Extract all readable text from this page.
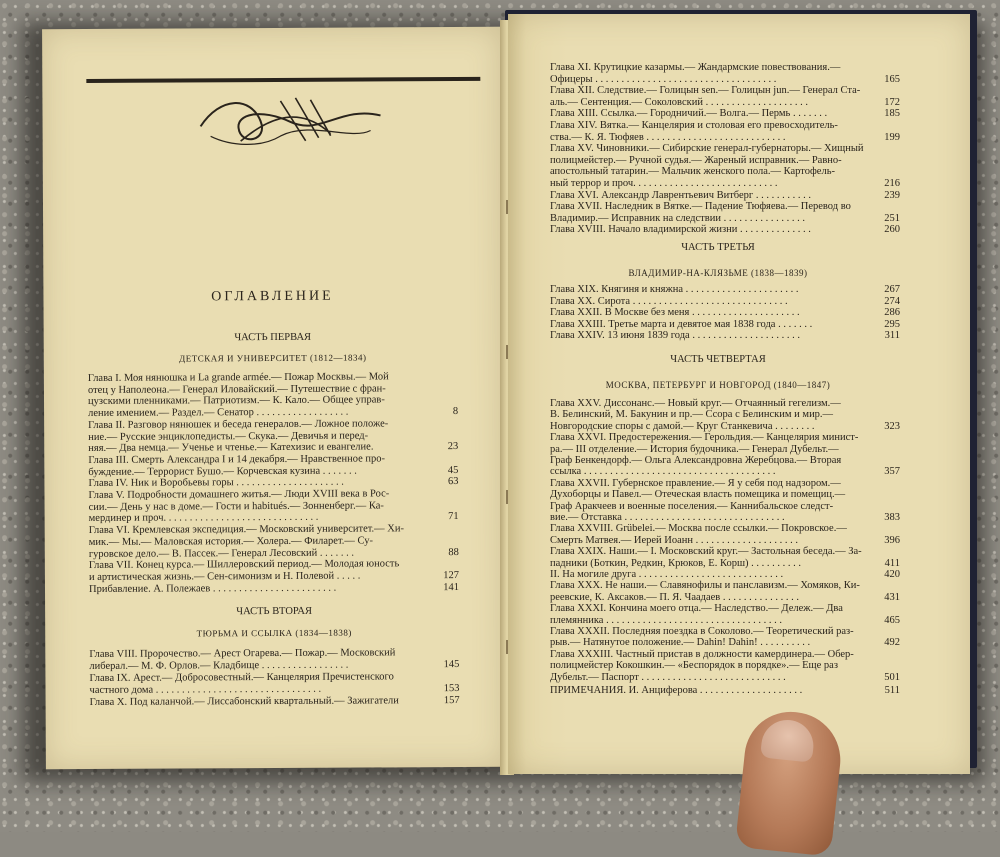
ОГЛАВЛЕНИЕ
ЧАСТЬ ПЕРВАЯ
ДЕТСКАЯ И УНИВЕРСИТЕТ (1812—1834)
Глава I. Моя нянюшка и La grande armée.— Пожар Москвы.— Мой
отец у Наполеона.— Генерал Иловайский.— Путешествие с фран-
цузскими пленниками.— Патриотизм.— К. Кало.— Общее управ-
ление имением.— Раздел.— Сенатор . . . . . . . . . . . . . . . . . .	8
Глава II. Разговор нянюшек и беседа генералов.— Ложное положе-
ние.— Русские энциклопедисты.— Скука.— Девичья и перед-
няя.— Два немца.— Ученье и чтенье.— Катехизис и евангелие.	23
Глава III. Смерть Александра I и 14 декабря.— Нравственное про-
буждение.— Террорист Бушо.— Корчевская кузина . . . . . . .	45
Глава IV. Ник и Воробьевы горы . . . . . . . . . . . . . . . . . . . . .	63
Глава V. Подробности домашнего житья.— Люди XVIII века в Рос-
сии.— День у нас в доме.— Гости и habitués.— Зонненберг.— Ка-
мердинер и проч. . . . . . . . . . . . . . . . . . . . . . . . . . . . . .	71
Глава VI. Кремлевская экспедиция.— Московский университет.— Хи-
мик.— Мы.— Маловская история.— Холера.— Филарет.— Су-
гуровское дело.— В. Пассек.— Генерал Лесовский . . . . . . .	88
Глава VII. Конец курса.— Шиллеровский период.— Молодая юность
и артистическая жизнь.— Сен-симонизм и Н. Полевой . . . . .	127
Прибавление. А. Полежаев . . . . . . . . . . . . . . . . . . . . . . . .	141
ЧАСТЬ ВТОРАЯ
ТЮРЬМА И ССЫЛКА (1834—1838)
Глава VIII. Пророчество.— Арест Огарева.— Пожар.— Московский
либерал.— М. Ф. Орлов.— Кладбище . . . . . . . . . . . . . . . . .	145
Глава IX. Арест.— Добросовестный.— Канцелярия Пречистенского
частного дома . . . . . . . . . . . . . . . . . . . . . . . . . . . . . . . .	153
Глава X. Под каланчой.— Лиссабонский квартальный.— Зажигатели	157
Глава XI. Крутицкие казармы.— Жандармские повествования.—
Офицеры . . . . . . . . . . . . . . . . . . . . . . . . . . . . . . . . . . .	165
Глава XII. Следствие.— Голицын sen.— Голицын jun.— Генерал Ста-
аль.— Сентенция.— Соколовский . . . . . . . . . . . . . . . . . . . .	172
Глава XIII. Ссылка.— Городничий.— Волга.— Пермь . . . . . . .	185
Глава XIV. Вятка.— Канцелярия и столовая его превосходитель-
ства.— К. Я. Тюфяев . . . . . . . . . . . . . . . . . . . . . . . . . . .	199
Глава XV. Чиновники.— Сибирские генерал-губернаторы.— Хищный
полицмейстер.— Ручной судья.— Жареный исправник.— Равно-
апостольный татарин.— Мальчик женского пола.— Картофель-
ный террор и проч. . . . . . . . . . . . . . . . . . . . . . . . . . . .	216
Глава XVI. Александр Лаврентьевич Витберг . . . . . . . . . . .	239
Глава XVII. Наследник в Вятке.— Падение Тюфяева.— Перевод во
Владимир.— Исправник на следствии . . . . . . . . . . . . . . . .	251
Глава XVIII. Начало владимирской жизни . . . . . . . . . . . . . .	260
ЧАСТЬ ТРЕТЬЯ
ВЛАДИМИР-НА-КЛЯЗЬМЕ (1838—1839)
Глава XIX. Княгиня и княжна . . . . . . . . . . . . . . . . . . . . . .	267
Глава XX. Сирота . . . . . . . . . . . . . . . . . . . . . . . . . . . . . .	274
Глава XXII. В Москве без меня . . . . . . . . . . . . . . . . . . . . .	286
Глава XXIII. Третье марта и девятое мая 1838 года . . . . . . .	295
Глава XXIV. 13 июня 1839 года . . . . . . . . . . . . . . . . . . . . .	311
ЧАСТЬ ЧЕТВЕРТАЯ
МОСКВА, ПЕТЕРБУРГ И НОВГОРОД (1840—1847)
Глава XXV. Диссонанс.— Новый круг.— Отчаянный гегелизм.—
В. Белинский, М. Бакунин и пр.— Ссора с Белинским и мир.—
Новгородские споры с дамой.— Круг Станкевича . . . . . . . .	323
Глава XXVI. Предостережения.— Герольдия.— Канцелярия минист-
ра.— III отделение.— История будочника.— Генерал Дубельт.—
Граф Бенкендорф.— Ольга Александровна Жеребцова.— Вторая
ссылка . . . . . . . . . . . . . . . . . . . . . . . . . . . . . . . . . . . . .	357
Глава XXVII. Губернское правление.— Я у себя под надзором.—
Духоборцы и Павел.— Отеческая власть помещика и помещиц.—
Граф Аракчеев и военные поселения.— Каннибальское следст-
вие.— Отставка . . . . . . . . . . . . . . . . . . . . . . . . . . . . . . .	383
Глава XXVIII. Grübelei.— Москва после ссылки.— Покровское.—
Смерть Матвея.— Иерей Иоанн . . . . . . . . . . . . . . . . . . . .	396
Глава XXIX. Наши.— I. Московский круг.— Застольная беседа.— За-
падники (Боткин, Редкин, Крюков, Е. Корш) . . . . . . . . . .	411
II. На могиле друга . . . . . . . . . . . . . . . . . . . . . . . . . . . .	420
Глава XXX. Не наши.— Славянофилы и панславизм.— Хомяков, Ки-
реевские, К. Аксаков.— П. Я. Чаадаев . . . . . . . . . . . . . . .	431
Глава XXXI. Кончина моего отца.— Наследство.— Дележ.— Два
племянника . . . . . . . . . . . . . . . . . . . . . . . . . . . . . . . . . .	465
Глава XXXII. Последняя поездка в Соколово.— Теоретический раз-
рыв.— Натянутое положение.— Dahin! Dahin! . . . . . . . . . .	492
Глава XXXIII. Частный пристав в должности камердинера.— Обер-
полицмейстер Кокошкин.— «Беспорядок в порядке».— Еще раз
Дубельт.— Паспорт . . . . . . . . . . . . . . . . . . . . . . . . . . . .	501
ПРИМЕЧАНИЯ. И. Анциферова . . . . . . . . . . . . . . . . . . . .	511
